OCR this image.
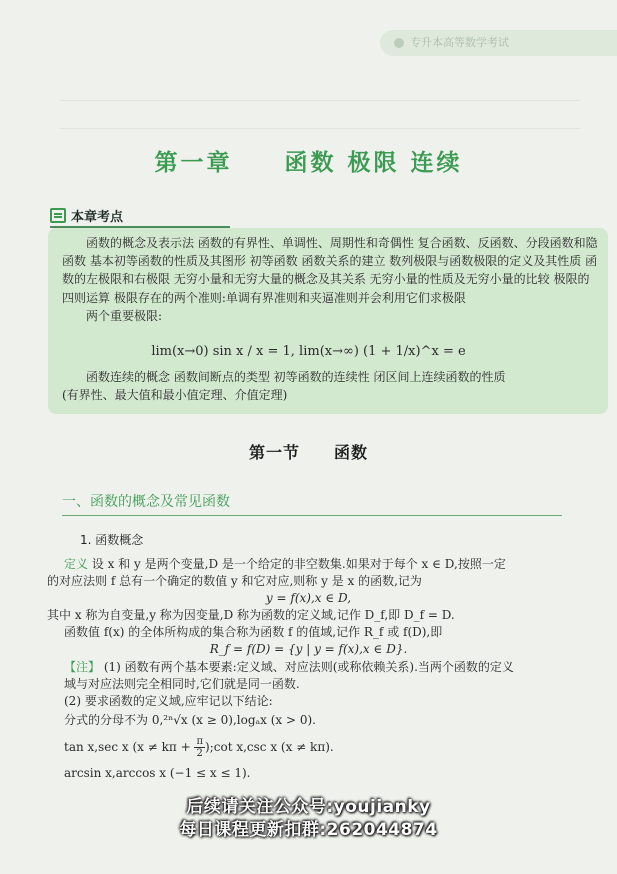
专升本高等数学考试
第一章　　函数 极限 连续
本章考点

函数的概念及表示法 函数的有界性、单调性、周期性和奇偶性 复合函数、反函数、分段函数和隐函数 基本初等函数的性质及其图形 初等函数 函数关系的建立 数列极限与函数极限的定义及其性质 函数的左极限和右极限 无穷小量和无穷大量的概念及其关系 无穷小量的性质及无穷小量的比较 极限的四则运算 极限存在的两个准则:单调有界准则和夹逼准则并会利用它们求极限

两个重要极限:

lim(x→0) sin x / x = 1, lim(x→∞) (1 + 1/x)^x = e

函数连续的概念 函数间断点的类型 初等函数的连续性 闭区间上连续函数的性质

(有界性、最大值和最小值定理、介值定理)

第一节　　函数
一、函数的概念及常见函数
1. 函数概念
定义 设 x 和 y 是两个变量,D 是一个给定的非空数集.如果对于每个 x ∈ D,按照一定
的对应法则 f 总有一个确定的数值 y 和它对应,则称 y 是 x 的函数,记为
y = f(x),x ∈ D,
其中 x 称为自变量,y 称为因变量,D 称为函数的定义域,记作 D_f,即 D_f = D.
函数值 f(x) 的全体所构成的集合称为函数 f 的值域,记作 R_f 或 f(D),即
R_f = f(D) = {y | y = f(x),x ∈ D}.
【注】 (1) 函数有两个基本要素:定义域、对应法则(或称依赖关系).当两个函数的定义
域与对应法则完全相同时,它们就是同一函数.
(2) 要求函数的定义域,应牢记以下结论:
分式的分母不为 0,²ⁿ√x (x ≥ 0),logₐx (x > 0).
tan x,sec x ($x \ne k\pi + \frac{\pi}{2}$ );cot x,csc x (x ≠ kπ).
arcsin x,arccos x (−1 ≤ x ≤ 1).
后续请关注公众号:youjianky
每日课程更新扣群:262044874
